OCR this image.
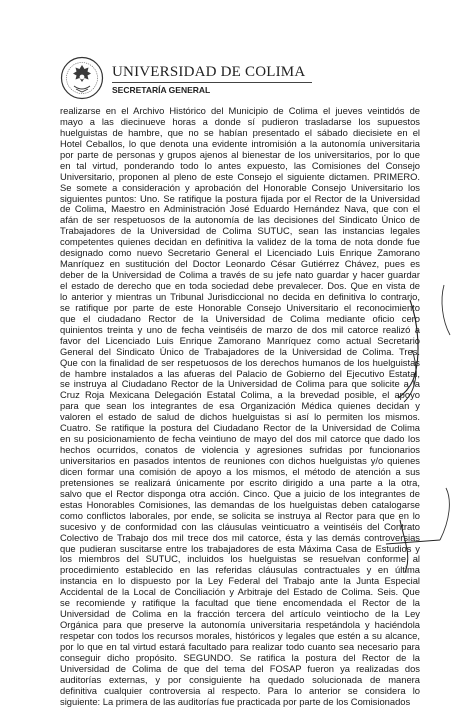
UNIVERSIDAD DE COLIMA
SECRETARÍA GENERAL
realizarse en el Archivo Histórico del Municipio de Colima el jueves veintidós de
mayo a las diecinueve horas a donde sí pudieron trasladarse los supuestos
huelguistas de hambre, que no se habían presentado el sábado diecisiete en el
Hotel Ceballos, lo que denota una evidente intromisión a la autonomía universitaria
por parte de personas y grupos ajenos al bienestar de los universitarios, por lo que
en tal virtud, ponderando todo lo antes expuesto, las Comisiones del Consejo
Universitario, proponen al pleno de este Consejo el siguiente dictamen. PRIMERO.
Se somete a consideración y aprobación del Honorable Consejo Universitario los
siguientes puntos: Uno. Se ratifique la postura fijada por el Rector de la Universidad
de Colima, Maestro en Administración José Eduardo Hernández Nava, que con el
afán de ser respetuosos de la autonomía de las decisiones del Sindicato Único de
Trabajadores de la Universidad de Colima SUTUC, sean las instancias legales
competentes quienes decidan en definitiva la validez de la toma de nota donde fue
designado como nuevo Secretario General el Licenciado Luis Enrique Zamorano
Manríquez en sustitución del Doctor Leonardo César Gutiérrez Chávez, pues es
deber de la Universidad de Colima a través de su jefe nato guardar y hacer guardar
el estado de derecho que en toda sociedad debe prevalecer. Dos. Que en vista de
lo anterior y mientras un Tribunal Jurisdiccional no decida en definitiva lo contrario,
se ratifique por parte de este Honorable Consejo Universitario el reconocimiento
que el ciudadano Rector de la Universidad de Colima mediante oficio cero
quinientos treinta y uno de fecha veintiséis de marzo de dos mil catorce realizó a
favor del Licenciado Luis Enrique Zamorano Manríquez como actual Secretario
General del Sindicato Único de Trabajadores de la Universidad de Colima. Tres.
Que con la finalidad de ser respetuosos de los derechos humanos de los huelguistas
de hambre instalados a las afueras del Palacio de Gobierno del Ejecutivo Estatal,
se instruya al Ciudadano Rector de la Universidad de Colima para que solicite a la
Cruz Roja Mexicana Delegación Estatal Colima, a la brevedad posible, el apoyo
para que sean los integrantes de esa Organización Médica quienes decidan y
valoren el estado de salud de dichos huelguistas si así lo permiten los mismos.
Cuatro. Se ratifique la postura del Ciudadano Rector de la Universidad de Colima
en su posicionamiento de fecha veintiuno de mayo del dos mil catorce que dado los
hechos ocurridos, conatos de violencia y agresiones sufridas por funcionarios
universitarios en pasados intentos de reuniones con dichos huelguistas y/o quienes
dicen formar una comisión de apoyo a los mismos, el método de atención a sus
pretensiones se realizará únicamente por escrito dirigido a una parte a la otra,
salvo que el Rector disponga otra acción. Cinco. Que a juicio de los integrantes de
estas Honorables Comisiones, las demandas de los huelguistas deben catalogarse
como conflictos laborales, por ende, se solicita se instruya al Rector para que en lo
sucesivo y de conformidad con las cláusulas veinticuatro a veintiséis del Contrato
Colectivo de Trabajo dos mil trece dos mil catorce, ésta y las demás controversias
que pudieran suscitarse entre los trabajadores de esta Máxima Casa de Estudios y
los miembros del SUTUC, incluidos los huelguistas se resuelvan conforme al
procedimiento establecido en las referidas cláusulas contractuales y en última
instancia en lo dispuesto por la Ley Federal del Trabajo ante la Junta Especial
Accidental de la Local de Conciliación y Arbitraje del Estado de Colima. Seis. Que
se recomiende y ratifique la facultad que tiene encomendada el Rector de la
Universidad de Colima en la fracción tercera del artículo veintiocho de la Ley
Orgánica para que preserve la autonomía universitaria respetándola y haciéndola
respetar con todos los recursos morales, históricos y legales que estén a su alcance,
por lo que en tal virtud estará facultado para realizar todo cuanto sea necesario para
conseguir dicho propósito. SEGUNDO. Se ratifica la postura del Rector de la
Universidad de Colima de que del tema del FOSAP fueron ya realizadas dos
auditorías externas, y por consiguiente ha quedado solucionada de manera
definitiva cualquier controversia al respecto. Para lo anterior se considera lo
siguiente: La primera de las auditorías fue practicada por parte de los Comisionados
